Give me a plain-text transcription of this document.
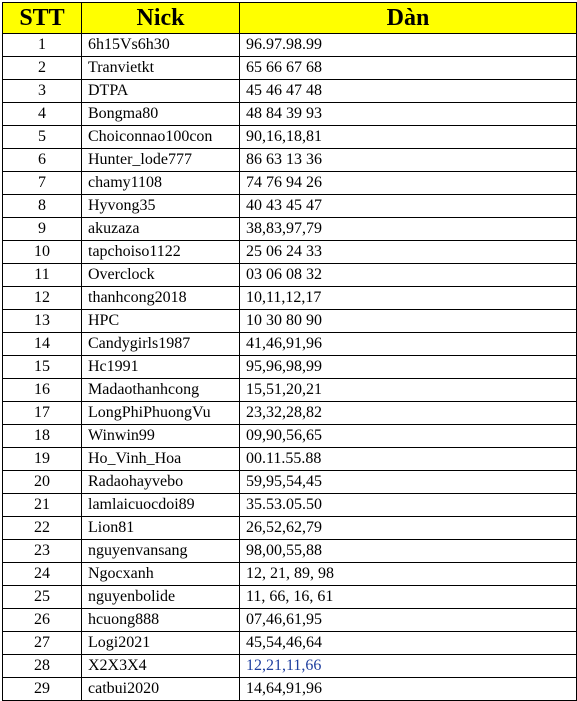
STT	Nick	Dàn
1	6h15Vs6h30	96.97.98.99
2	Tranvietkt	65 66 67 68
3	DTPA	45 46 47 48
4	Bongma80	48 84 39 93
5	Choiconnao100con	90,16,18,81
6	Hunter_lode777	86 63 13 36
7	chamy1108	74 76 94 26
8	Hyvong35	40 43 45 47
9	akuzaza	38,83,97,79
10	tapchoiso1122	25 06 24 33
11	Overclock	03 06 08 32
12	thanhcong2018	10,11,12,17
13	HPC	10 30 80 90
14	Candygirls1987	41,46,91,96
15	Hc1991	95,96,98,99
16	Madaothanhcong	15,51,20,21
17	LongPhiPhuongVu	23,32,28,82
18	Winwin99	09,90,56,65
19	Ho_Vinh_Hoa	00.11.55.88
20	Radaohayvebo	59,95,54,45
21	lamlaicuocdoi89	35.53.05.50
22	Lion81	26,52,62,79
23	nguyenvansang	98,00,55,88
24	Ngocxanh	12, 21, 89, 98
25	nguyenbolide	11, 66, 16, 61
26	hcuong888	07,46,61,95
27	Logi2021	45,54,46,64
28	X2X3X4	12,21,11,66
29	catbui2020	14,64,91,96
